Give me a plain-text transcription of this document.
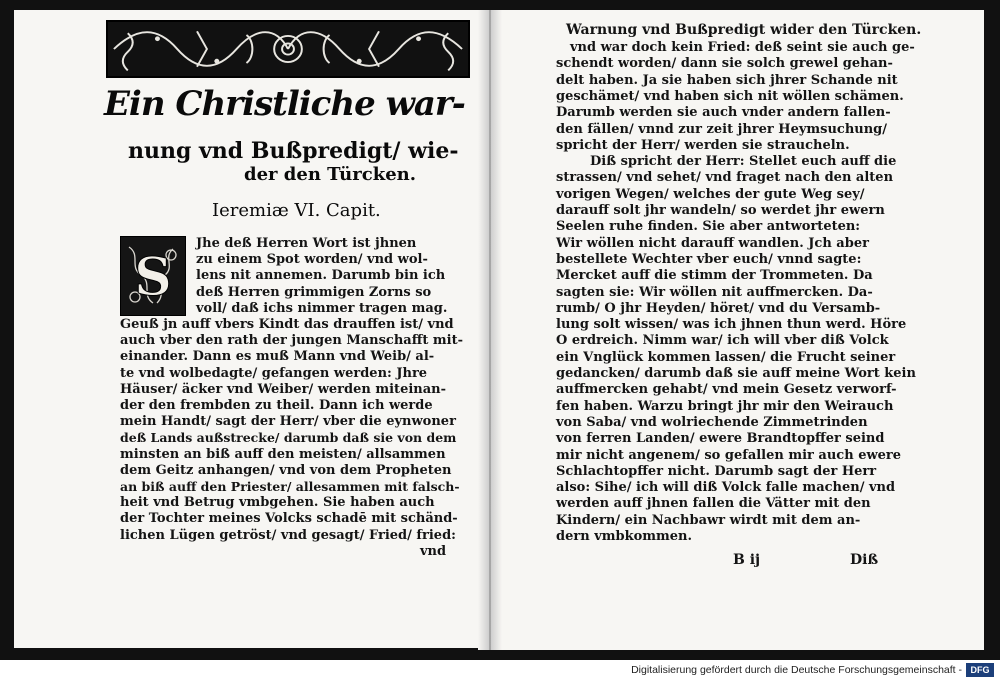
Ein Christliche war-
nung vnd Bußpredigt/ wie-
der den Türcken.
Ieremiæ VI. Capit.
S
Jhe deß Herren Wort ist jhnen
zu einem Spot worden/ vnd wol-
lens nit annemen. Darumb bin ich
deß Herren grimmigen Zorns so
voll/ daß ichs nimmer tragen mag.
Geuß jn auff vbers Kindt das drauffen ist/ vnd
auch vber den rath der jungen Manschafft mit-
einander. Dann es muß Mann vnd Weib/ al-
te vnd wolbedagte/ gefangen werden: Jhre
Häuser/ äcker vnd Weiber/ werden miteinan-
der den frembden zu theil. Dann ich werde
mein Handt/ sagt der Herr/ vber die eynwoner
deß Lands außstrecke/ darumb daß sie von dem
minsten an biß auff den meisten/ allsammen
dem Geitz anhangen/ vnd von dem Propheten
an biß auff den Priester/ allesammen mit falsch-
heit vnd Betrug vmbgehen. Sie haben auch
der Tochter meines Volcks schadē mit schänd-
lichen Lügen getröst/ vnd gesagt/ Fried/ fried:
vnd
Warnung vnd Bußpredigt wider den Türcken.
vnd war doch kein Fried: deß seint sie auch ge-
schendt worden/ dann sie solch grewel gehan-
delt haben. Ja sie haben sich jhrer Schande nit
geschämet/ vnd haben sich nit wöllen schämen.
Darumb werden sie auch vnder andern fallen-
den fällen/ vnnd zur zeit jhrer Heymsuchung/
spricht der Herr/ werden sie straucheln.
Diß spricht der Herr: Stellet euch auff die
strassen/ vnd sehet/ vnd fraget nach den alten
vorigen Wegen/ welches der gute Weg sey/
darauff solt jhr wandeln/ so werdet jhr ewern
Seelen ruhe finden. Sie aber antworteten:
Wir wöllen nicht darauff wandlen. Jch aber
bestellete Wechter vber euch/ vnnd sagte:
Mercket auff die stimm der Trommeten. Da
sagten sie: Wir wöllen nit auffmercken. Da-
rumb/ O jhr Heyden/ höret/ vnd du Versamb-
lung solt wissen/ was ich jhnen thun werd. Höre
O erdreich. Nimm war/ ich will vber diß Volck
ein Vnglück kommen lassen/ die Frucht seiner
gedancken/ darumb daß sie auff meine Wort kein
auffmercken gehabt/ vnd mein Gesetz verworf-
fen haben. Warzu bringt jhr mir den Weirauch
von Saba/ vnd wolriechende Zimmetrinden
von ferren Landen/ ewere Brandtopffer seind
mir nicht angenem/ so gefallen mir auch ewere
Schlachtopffer nicht. Darumb sagt der Herr
also: Sihe/ ich will diß Volck falle machen/ vnd
werden auff jhnen fallen die Vätter mit den
Kindern/ ein Nachbawr wirdt mit dem an-
dern vmbkommen.
B ij	Diß
Digitalisierung gefördert durch die Deutsche Forschungsgemeinschaft - DFG
